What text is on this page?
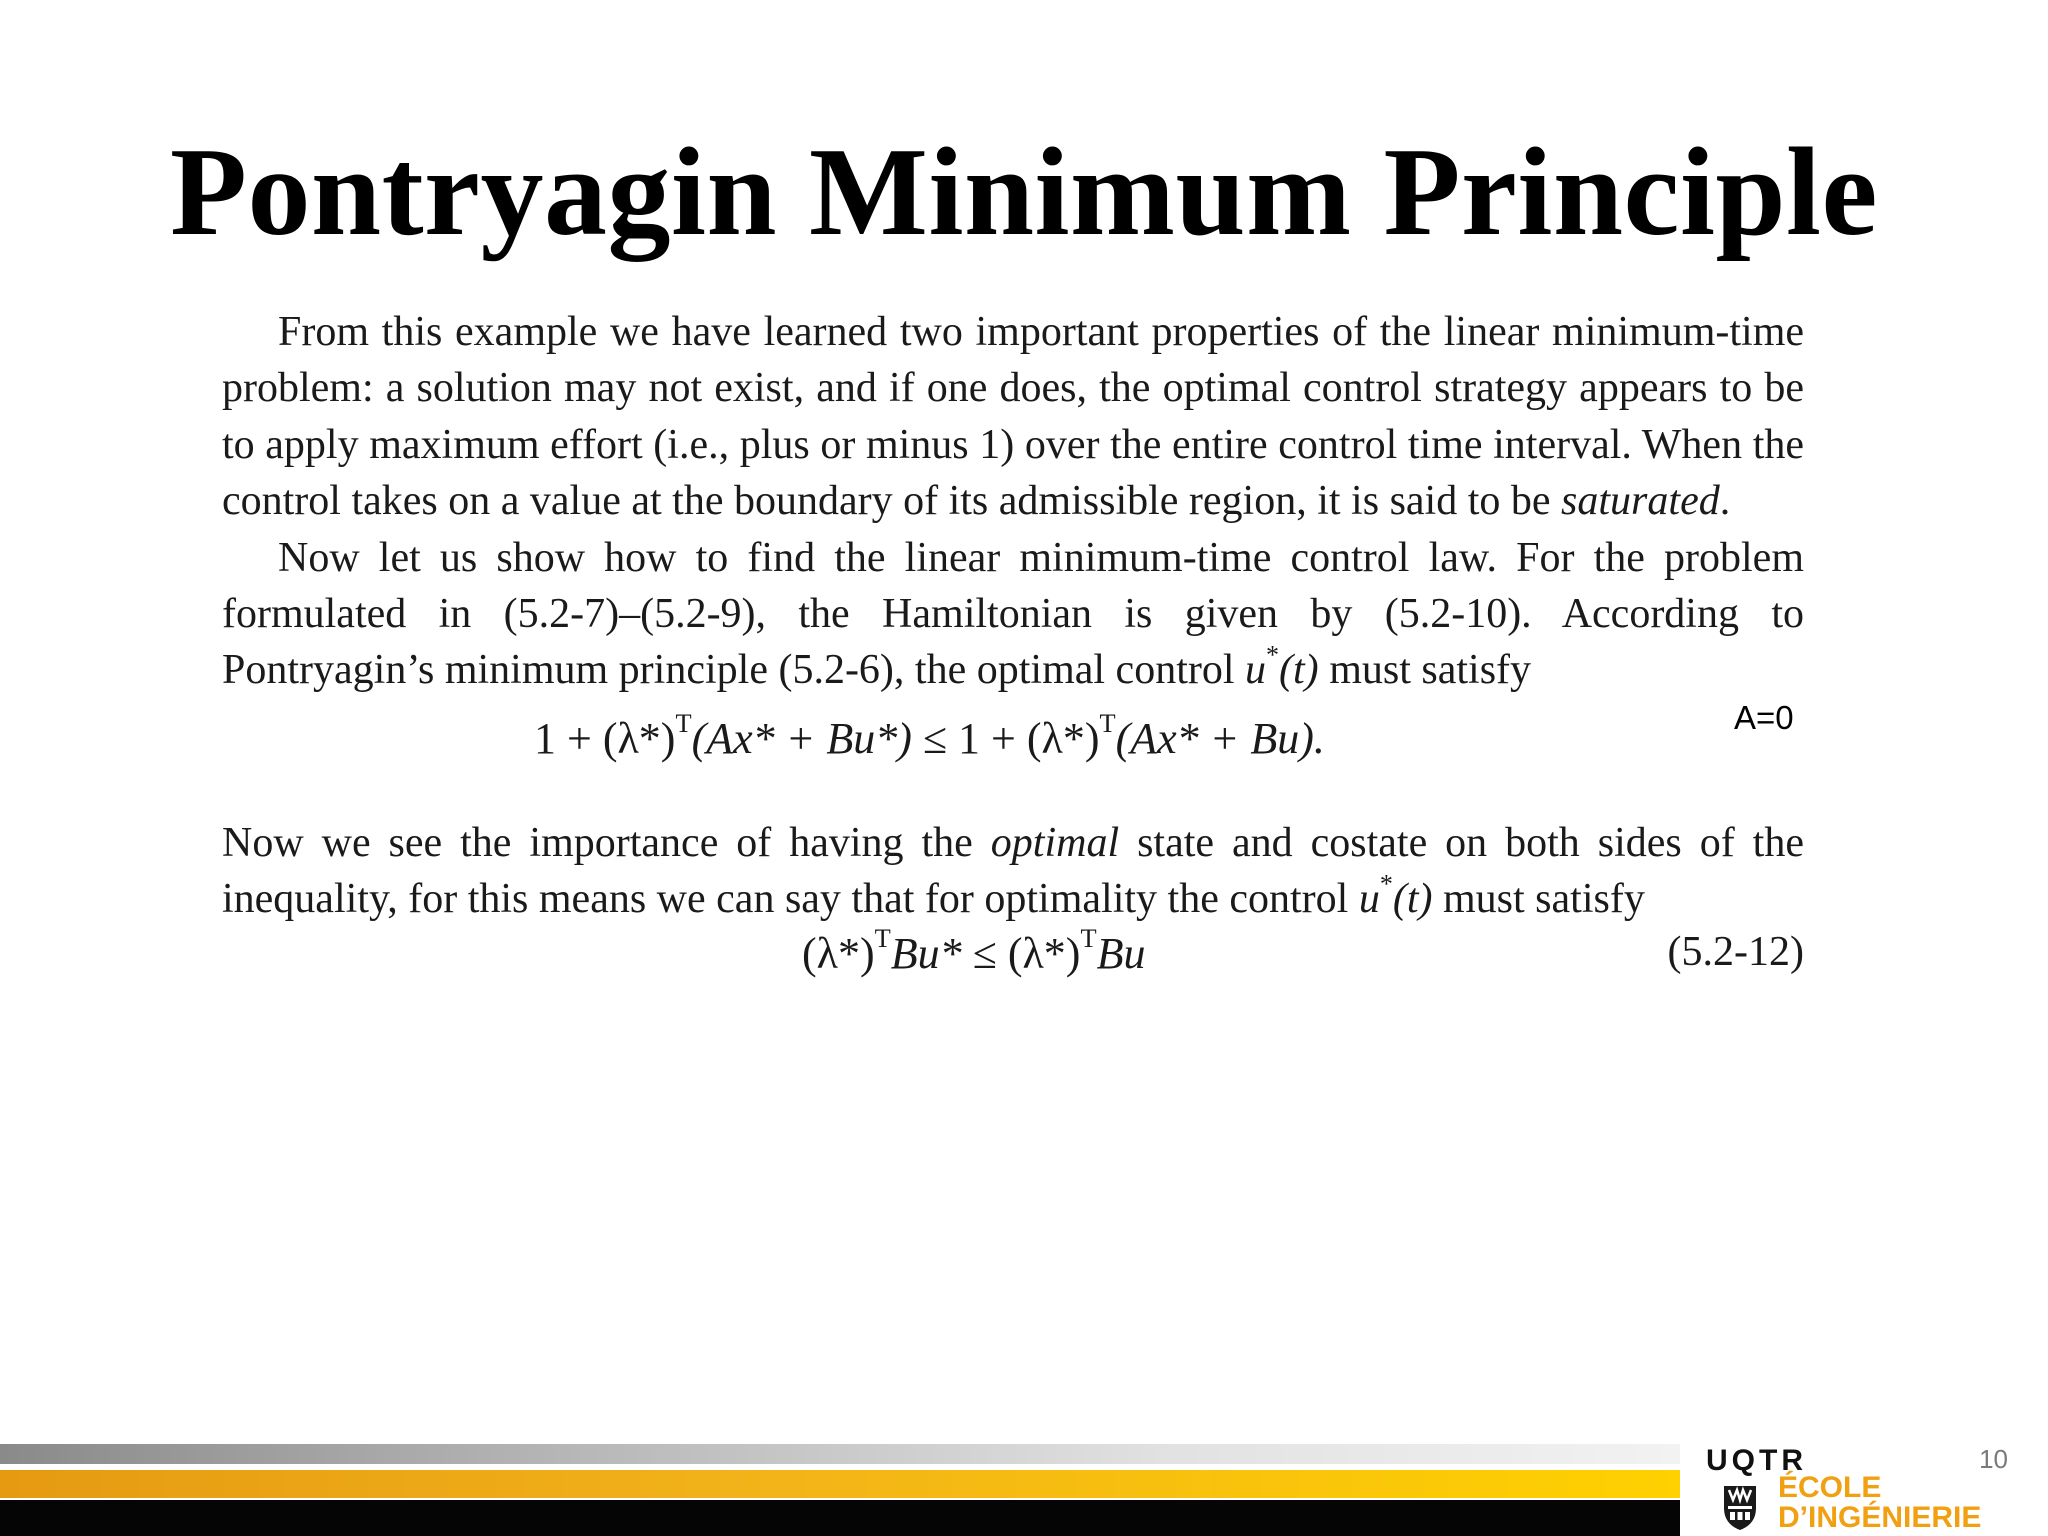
Pontryagin Minimum Principle

From this example we have learned two important properties of the linear minimum-time problem: a solution may not exist, and if one does, the optimal control strategy appears to be to apply maximum effort (i.e., plus or minus 1) over the entire control time interval. When the control takes on a value at the boundary of its admissible region, it is said to be saturated.

Now let us show how to find the linear minimum-time control law. For the problem formulated in (5.2-7)–(5.2-9), the Hamiltonian is given by (5.2-10). According to Pontryagin’s minimum principle (5.2-6), the optimal control u*(t) must satisfy

$1 + (\lambda*)^T(Ax* + Bu*) \le 1 + (\lambda*)^T(Ax* + Bu)$.	A=0

Now we see the importance of having the optimal state and costate on both sides of the inequality, for this means we can say that for optimality the control u*(t) must satisfy

$(\lambda*)^TBu* \le (\lambda*)^TBu$	(5.2-12)
UQTR
ÉCOLE
D’INGÉNIERIE
10
